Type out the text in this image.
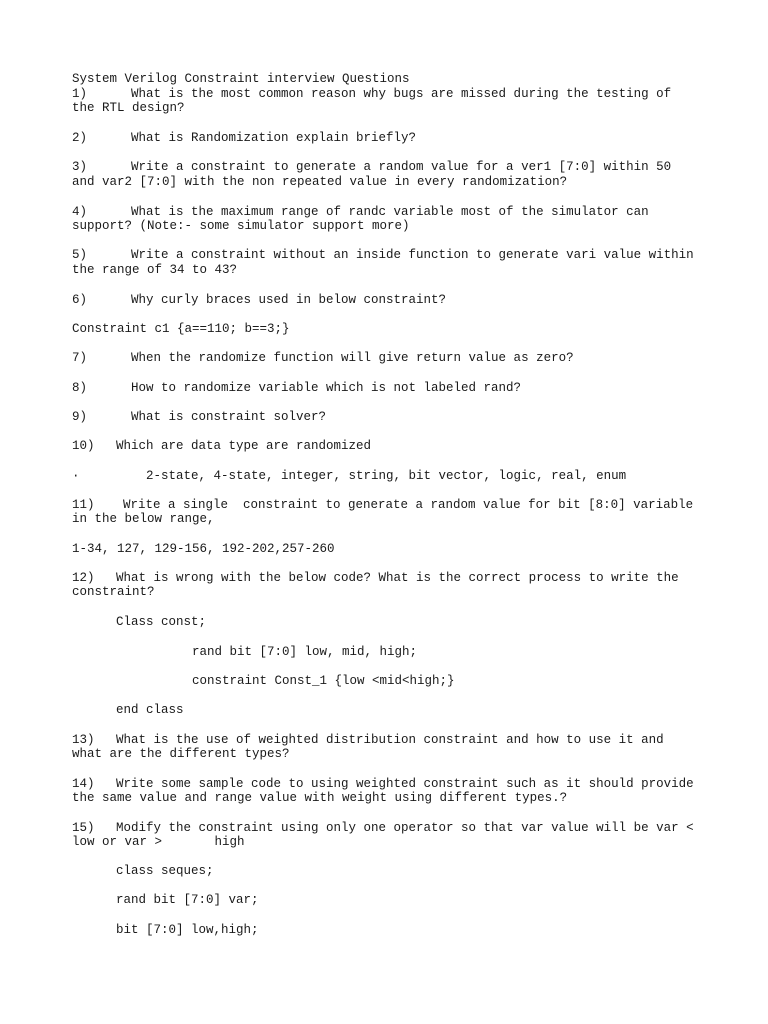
System Verilog Constraint interview Questions
1)	What is the most common reason why bugs are missed during the testing of
the RTL design?
2)	What is Randomization explain briefly?
3)	Write a constraint to generate a random value for a ver1 [7:0] within 50
and var2 [7:0] with the non repeated value in every randomization?
4)	What is the maximum range of randc variable most of the simulator can
support? (Note:- some simulator support more)
5)	Write a constraint without an inside function to generate vari value within
the range of 34 to 43?
6)	Why curly braces used in below constraint?
Constraint c1 {a==110; b==3;}
7)	When the randomize function will give return value as zero?
8)	How to randomize variable which is not labeled rand?
9)	What is constraint solver?
10) Which are data type are randomized
·	2-state, 4-state, integer, string, bit vector, logic, real, enum
11) Write a single  constraint to generate a random value for bit [8:0] variable
in the below range,
1-34, 127, 129-156, 192-202,257-260
12) What is wrong with the below code? What is the correct process to write the
constraint?
Class const;
rand bit [7:0] low, mid, high;
constraint Const_1 {low <mid<high;}
end class
13) What is the use of weighted distribution constraint and how to use it and
what are the different types?
14) Write some sample code to using weighted constraint such as it should provide
the same value and range value with weight using different types.?
15) Modify the constraint using only one operator so that var value will be var <
low or var >       high
class seques;
rand bit [7:0] var;
bit [7:0] low,high;
